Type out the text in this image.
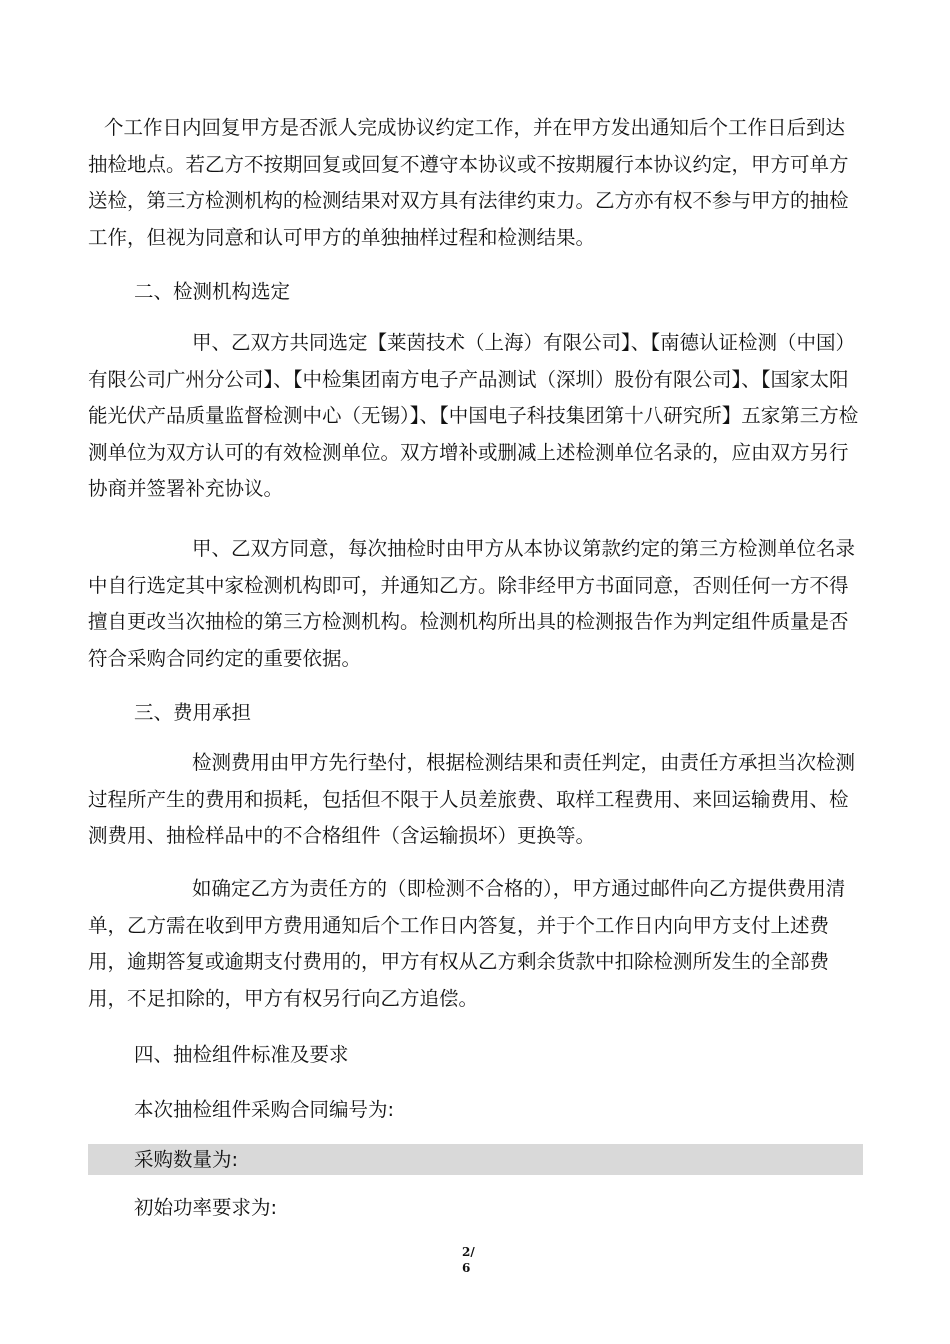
个工作日内回复甲方是否派人完成协议约定工作，并在甲方发出通知后个工作日后到达抽检地点。若乙方不按期回复或回复不遵守本协议或不按期履行本协议约定，甲方可单方送检，第三方检测机构的检测结果对双方具有法律约束力。乙方亦有权不参与甲方的抽检工作，但视为同意和认可甲方的单独抽样过程和检测结果。

二、检测机构选定

甲、乙双方共同选定【莱茵技术（上海）有限公司】、【南德认证检测（中国）有限公司广州分公司】、【中检集团南方电子产品测试（深圳）股份有限公司】、【国家太阳能光伏产品质量监督检测中心（无锡）】、【中国电子科技集团第十八研究所】五家第三方检测单位为双方认可的有效检测单位。双方增补或删减上述检测单位名录的，应由双方另行协商并签署补充协议。

甲、乙双方同意，每次抽检时由甲方从本协议第款约定的第三方检测单位名录中自行选定其中家检测机构即可，并通知乙方。除非经甲方书面同意，否则任何一方不得擅自更改当次抽检的第三方检测机构。检测机构所出具的检测报告作为判定组件质量是否符合采购合同约定的重要依据。

三、费用承担

检测费用由甲方先行垫付，根据检测结果和责任判定，由责任方承担当次检测过程所产生的费用和损耗，包括但不限于人员差旅费、取样工程费用、来回运输费用、检测费用、抽检样品中的不合格组件（含运输损坏）更换等。

如确定乙方为责任方的（即检测不合格的），甲方通过邮件向乙方提供费用清单，乙方需在收到甲方费用通知后个工作日内答复，并于个工作日内向甲方支付上述费用，逾期答复或逾期支付费用的，甲方有权从乙方剩余货款中扣除检测所发生的全部费用，不足扣除的，甲方有权另行向乙方追偿。

四、抽检组件标准及要求

本次抽检组件采购合同编号为:

采购数量为:

初始功率要求为:

2/
6
